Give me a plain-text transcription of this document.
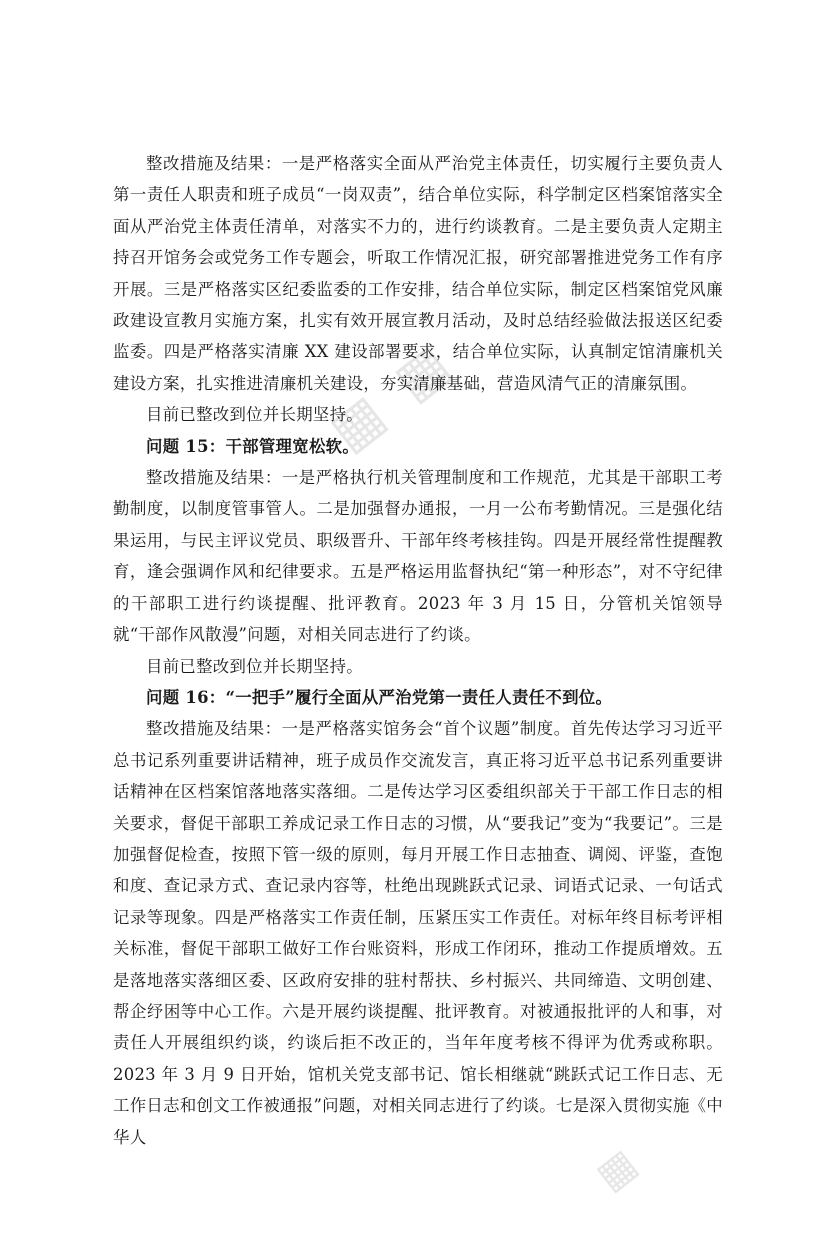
▦ ▦
▦

整改措施及结果：一是严格落实全面从严治党主体责任，切实履行主要负责人第一责任人职责和班子成员“一岗双责”，结合单位实际，科学制定区档案馆落实全面从严治党主体责任清单，对落实不力的，进行约谈教育。二是主要负责人定期主持召开馆务会或党务工作专题会，听取工作情况汇报，研究部署推进党务工作有序开展。三是严格落实区纪委监委的工作安排，结合单位实际，制定区档案馆党风廉政建设宣教月实施方案，扎实有效开展宣教月活动，及时总结经验做法报送区纪委监委。四是严格落实清廉 XX 建设部署要求，结合单位实际，认真制定馆清廉机关建设方案，扎实推进清廉机关建设，夯实清廉基础，营造风清气正的清廉氛围。

目前已整改到位并长期坚持。

问题 15：干部管理宽松软。

整改措施及结果：一是严格执行机关管理制度和工作规范，尤其是干部职工考勤制度，以制度管事管人。二是加强督办通报，一月一公布考勤情况。三是强化结果运用，与民主评议党员、职级晋升、干部年终考核挂钩。四是开展经常性提醒教育，逢会强调作风和纪律要求。五是严格运用监督执纪“第一种形态”，对不守纪律的干部职工进行约谈提醒、批评教育。2023 年 3 月 15 日，分管机关馆领导就“干部作风散漫”问题，对相关同志进行了约谈。

目前已整改到位并长期坚持。

问题 16：“一把手”履行全面从严治党第一责任人责任不到位。

整改措施及结果：一是严格落实馆务会“首个议题”制度。首先传达学习习近平总书记系列重要讲话精神，班子成员作交流发言，真正将习近平总书记系列重要讲话精神在区档案馆落地落实落细。二是传达学习区委组织部关于干部工作日志的相关要求，督促干部职工养成记录工作日志的习惯，从“要我记”变为“我要记”。三是加强督促检查，按照下管一级的原则，每月开展工作日志抽查、调阅、评鉴，查饱和度、查记录方式、查记录内容等，杜绝出现跳跃式记录、词语式记录、一句话式记录等现象。四是严格落实工作责任制，压紧压实工作责任。对标年终目标考评相关标准，督促干部职工做好工作台账资料，形成工作闭环，推动工作提质增效。五是落地落实落细区委、区政府安排的驻村帮扶、乡村振兴、共同缔造、文明创建、帮企纾困等中心工作。六是开展约谈提醒、批评教育。对被通报批评的人和事，对责任人开展组织约谈，约谈后拒不改正的，当年年度考核不得评为优秀或称职。2023 年 3 月 9 日开始，馆机关党支部书记、馆长相继就“跳跃式记工作日志、无工作日志和创文工作被通报”问题，对相关同志进行了约谈。七是深入贯彻实施《中华人
